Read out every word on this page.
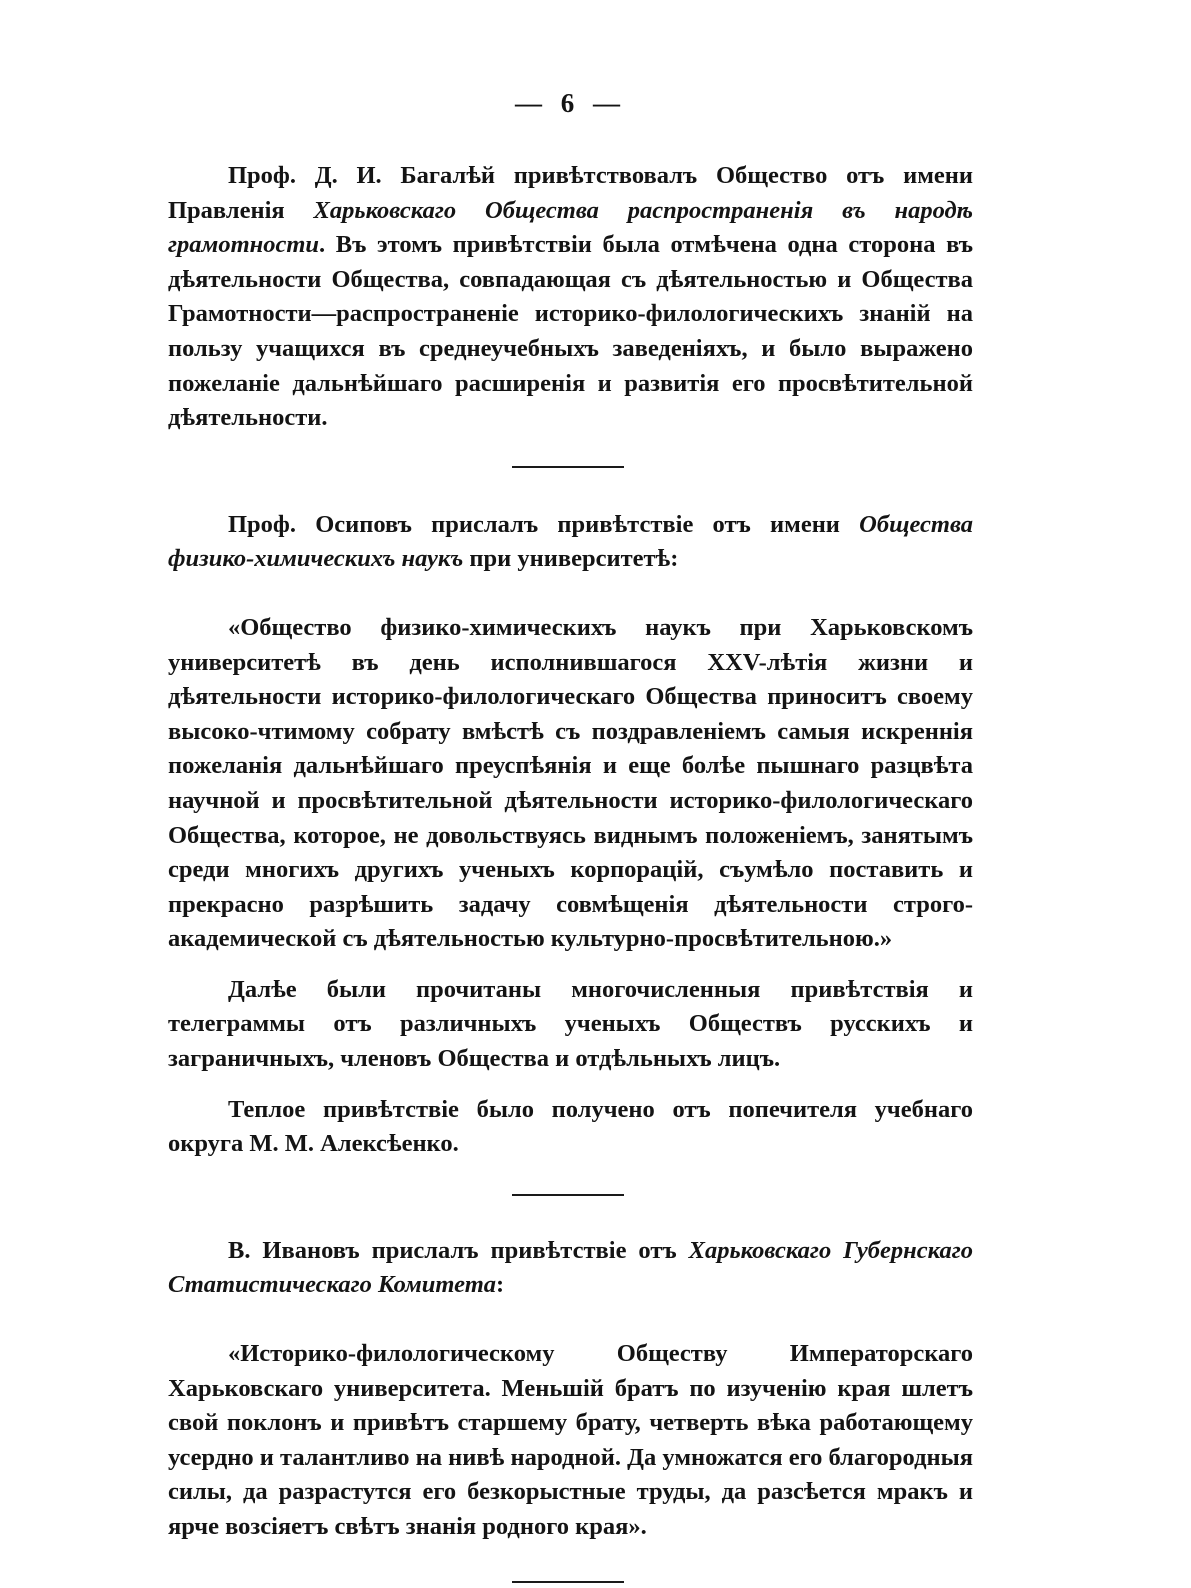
— 6 —

Проф. Д. И. Багалѣй привѣтствовалъ Общество отъ имени Правленія Харьковскаго Общества распространенія въ народѣ грамотности. Въ этомъ привѣтствіи была отмѣчена одна сторона въ дѣятельности Общества, совпадающая съ дѣятельностью и Общества Грамотности—распространеніе историко-филологическихъ знаній на пользу учащихся въ среднеучебныхъ заведеніяхъ, и было выражено пожеланіе дальнѣйшаго расширенія и развитія его просвѣтительной дѣятельности.

Проф. Осиповъ прислалъ привѣтствіе отъ имени Общества физико-химическихъ наукъ при университетѣ:

«Общество физико-химическихъ наукъ при Харьковскомъ университетѣ въ день исполнившагося XXV-лѣтія жизни и дѣятельности историко-филологическаго Общества приноситъ своему высоко-чтимому собрату вмѣстѣ съ поздравленіемъ самыя искреннія пожеланія дальнѣйшаго преуспѣянія и еще болѣе пышнаго разцвѣта научной и просвѣтительной дѣятельности историко-филологическаго Общества, которое, не довольствуясь виднымъ положеніемъ, занятымъ среди многихъ другихъ ученыхъ корпорацій, съумѣло поставить и прекрасно разрѣшить задачу совмѣщенія дѣятельности строго-академической съ дѣятельностью культурно-просвѣтительною.»

Далѣе были прочитаны многочисленныя привѣтствія и телеграммы отъ различныхъ ученыхъ Обществъ русскихъ и заграничныхъ, членовъ Общества и отдѣльныхъ лицъ.

Теплое привѣтствіе было получено отъ попечителя учебнаго округа М. М. Алексѣенко.

В. Ивановъ прислалъ привѣтствіе отъ Харьковскаго Губернскаго Статистическаго Комитета:

«Историко-филологическому Обществу Императорскаго Харьковскаго университета. Меньшій братъ по изученію края шлетъ свой поклонъ и привѣтъ старшему брату, четверть вѣка работающему усердно и талантливо на нивѣ народной. Да умножатся его благородныя силы, да разрастутся его безкорыстные труды, да разсѣется мракъ и ярче возсіяетъ свѣтъ знанія родного края».
